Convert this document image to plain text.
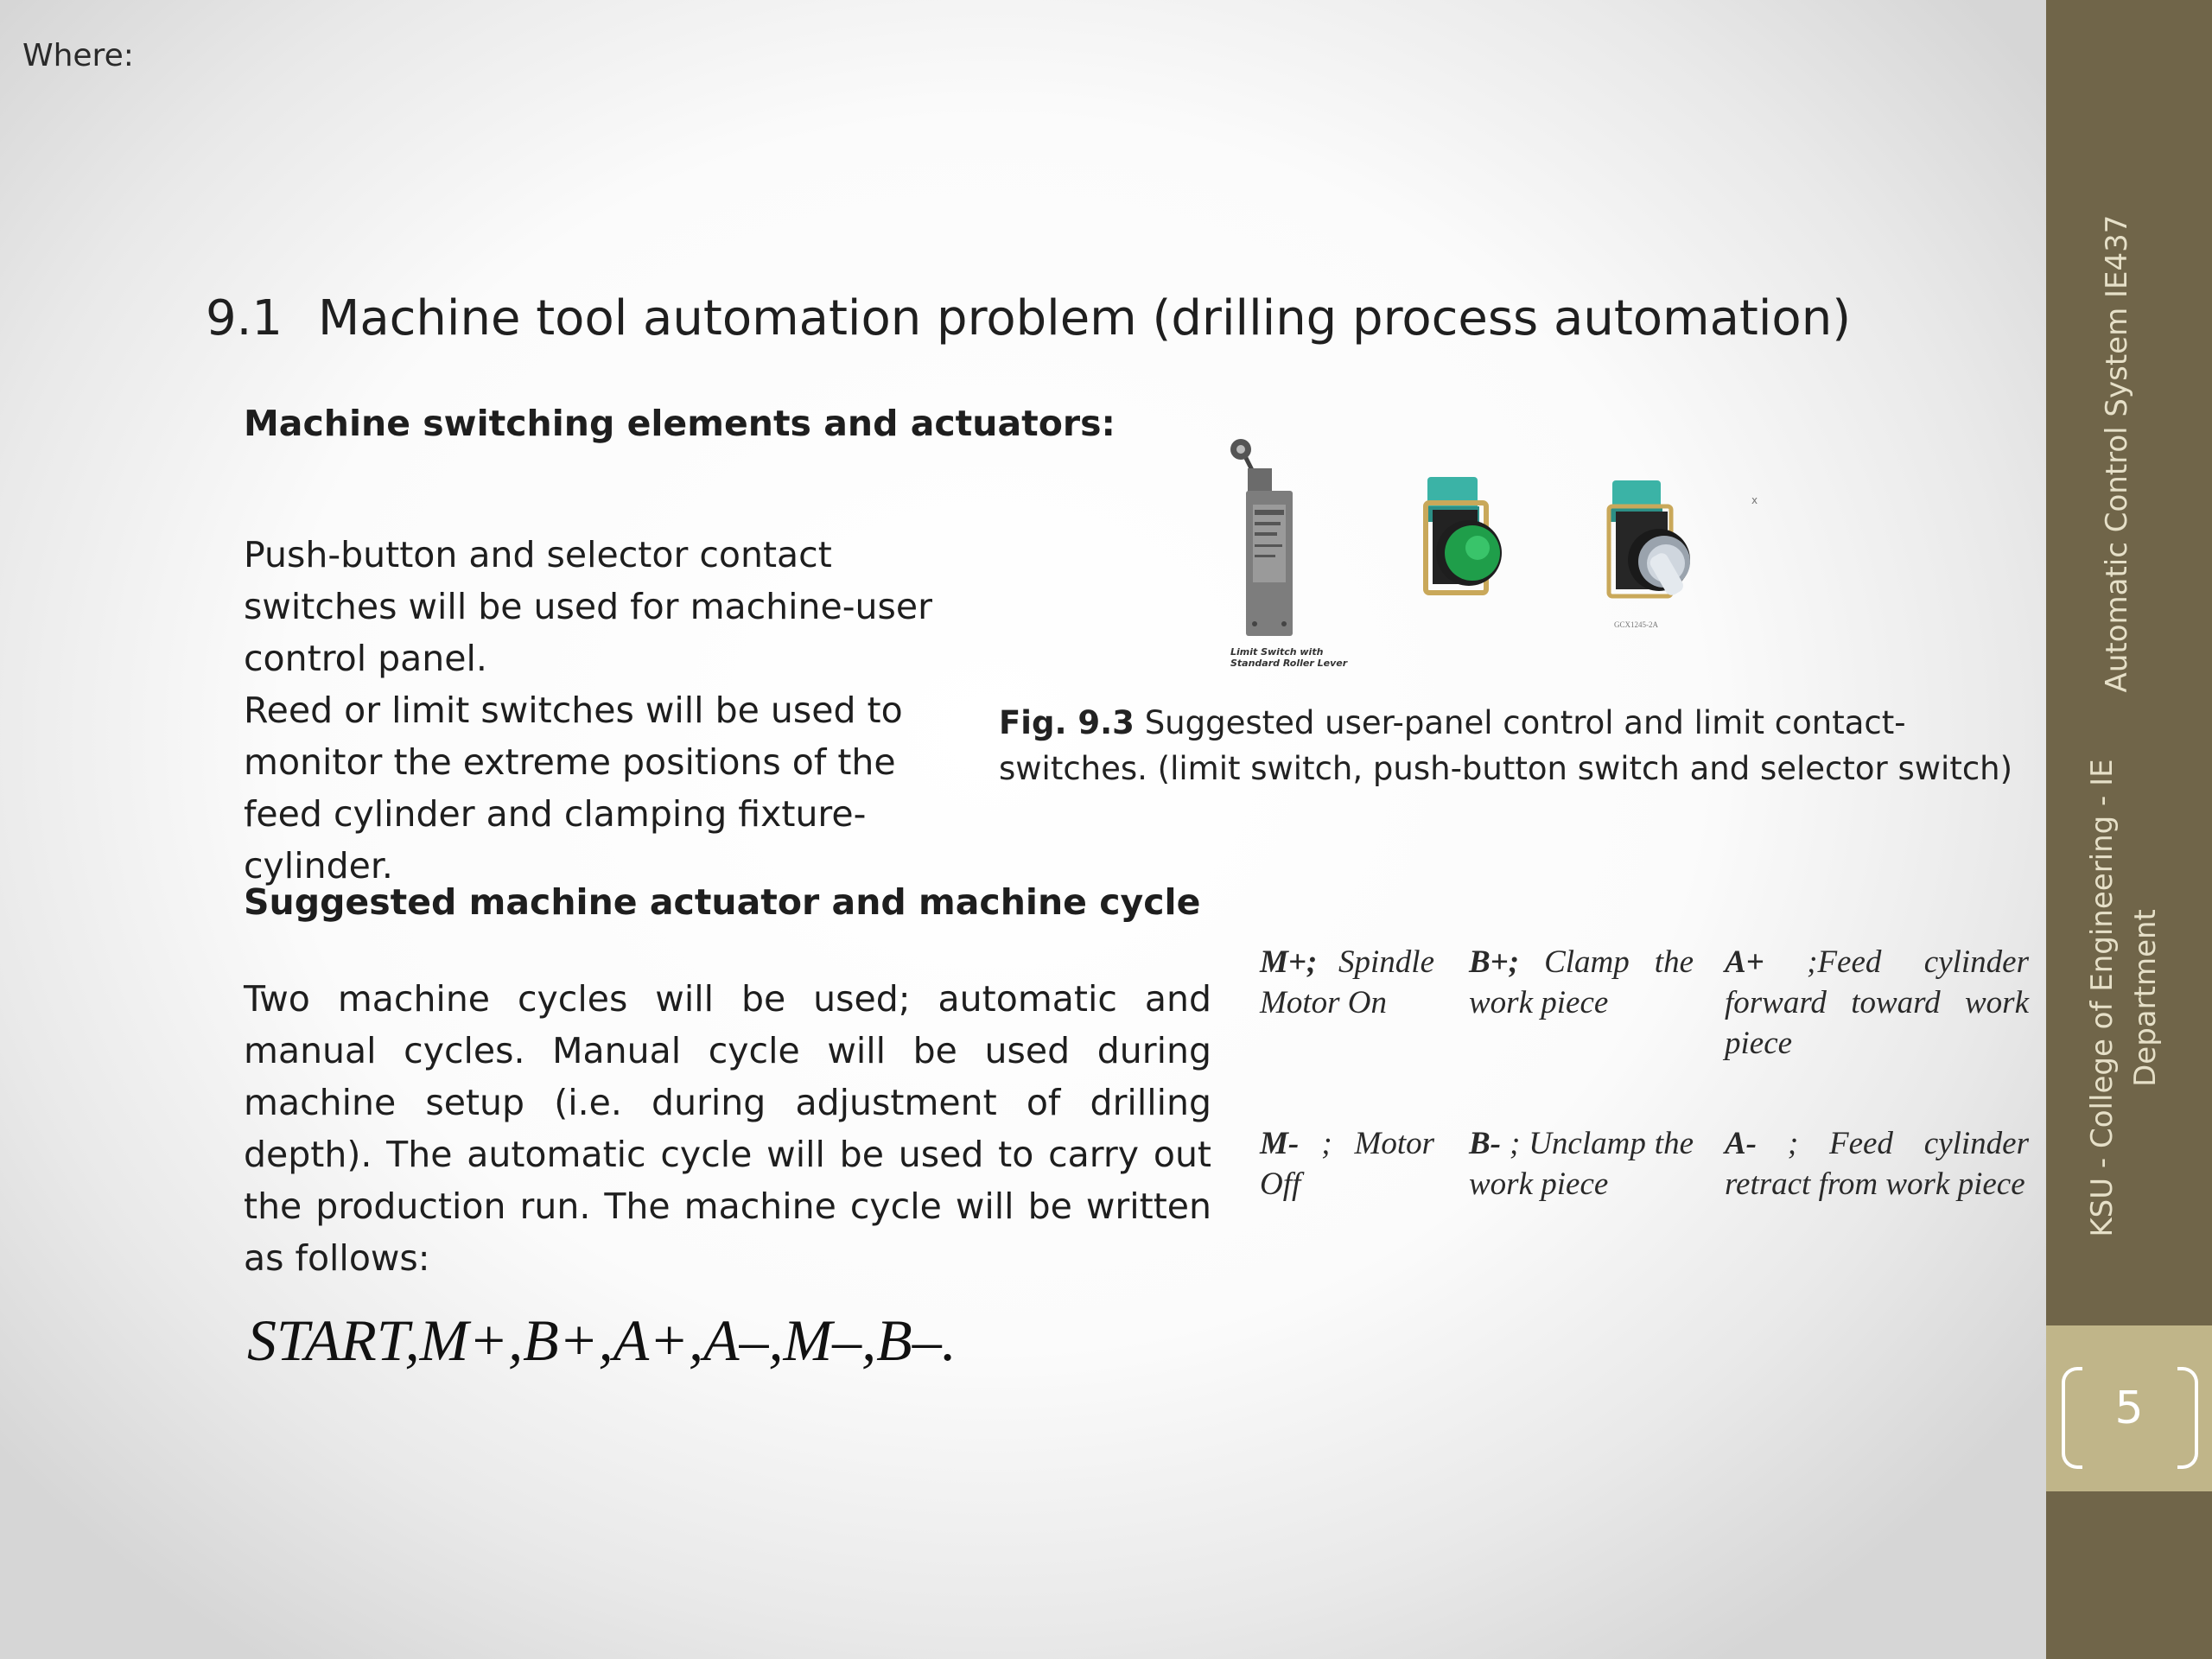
Where:
9.1 Machine tool automation problem (drilling process automation)
Machine switching elements and actuators:
Push-button and selector contact
switches will be used for machine-user
control panel.
Reed or limit switches will be used to
monitor the extreme positions of the
feed cylinder and clamping fixture-
cylinder.
Limit Switch with
Standard Roller Lever
GCX1245-2A
x
Fig. 9.3 Suggested user-panel control and limit contact-switches. (limit switch, push-button switch and selector switch)
Suggested machine actuator and machine cycle
Two machine cycles will be used; automatic and manual cycles. Manual cycle will be used during machine setup (i.e. during adjustment of drilling depth). The automatic cycle will be used to carry out the production run. The machine cycle will be written as follows:
START,M+,B+,A+,A–,M–,B–.
M+; Spindle Motor On
B+; Clamp the work piece
A+ ;Feed cylinder forward toward work piece
M- ; Motor Off
B- ; Unclamp the work piece
A- ; Feed cylinder retract from work piece
Automatic Control System IE437
KSU - College of Engineering - IE Department
5
